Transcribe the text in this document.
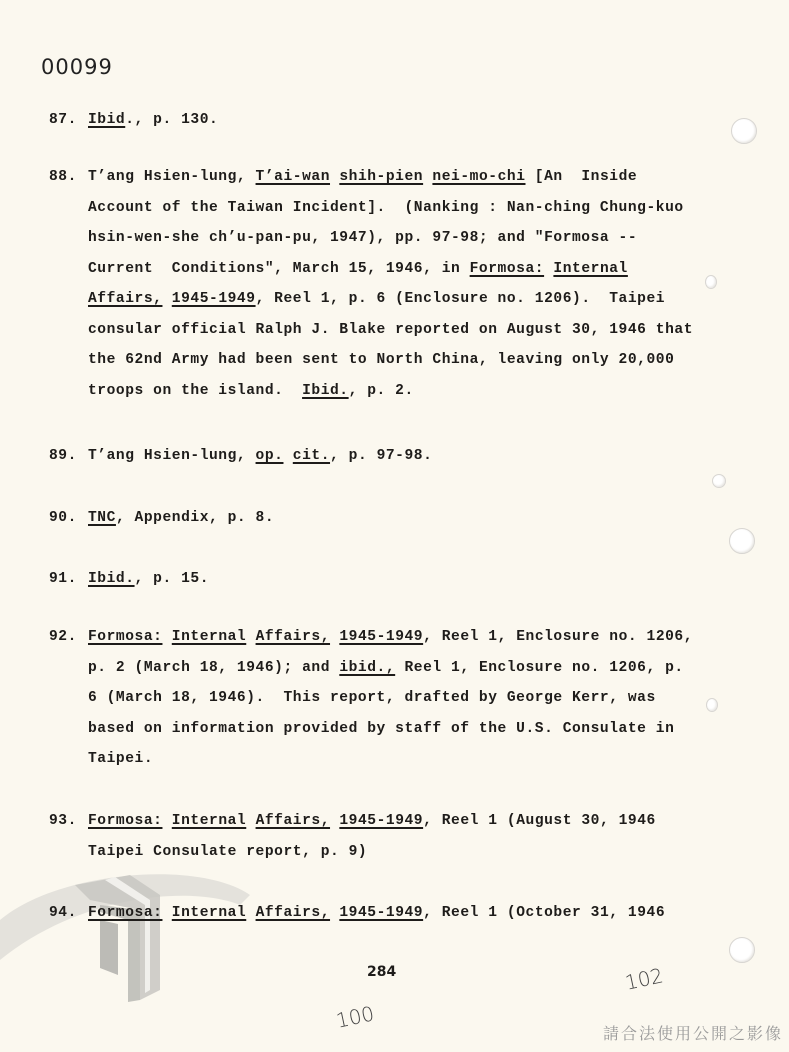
00099
87. Ibid., p. 130.
88. T’ang Hsien-lung, T’ai-wan shih-pien nei-mo-chi [An  Inside
Account of the Taiwan Incident].  (Nanking : Nan-ching Chung-kuo
hsin-wen-she ch’u-pan-pu, 1947), pp. 97-98; and "Formosa --
Current  Conditions", March 15, 1946, in Formosa: Internal
Affairs, 1945-1949, Reel 1, p. 6 (Enclosure no. 1206).  Taipei
consular official Ralph J. Blake reported on August 30, 1946 that
the 62nd Army had been sent to North China, leaving only 20,000
troops on the island.  Ibid., p. 2.
89. T’ang Hsien-lung, op. cit., p. 97-98.
90. TNC, Appendix, p. 8.
91. Ibid., p. 15.
92. Formosa: Internal Affairs, 1945-1949, Reel 1, Enclosure no. 1206,
p. 2 (March 18, 1946); and ibid., Reel 1, Enclosure no. 1206, p.
6 (March 18, 1946).  This report, drafted by George Kerr, was
based on information provided by staff of the U.S. Consulate in
Taipei.
93. Formosa: Internal Affairs, 1945-1949, Reel 1 (August 30, 1946
Taipei Consulate report, p. 9)
94. Formosa: Internal Affairs, 1945-1949, Reel 1 (October 31, 1946
284
100
102
請合法使用公開之影像
